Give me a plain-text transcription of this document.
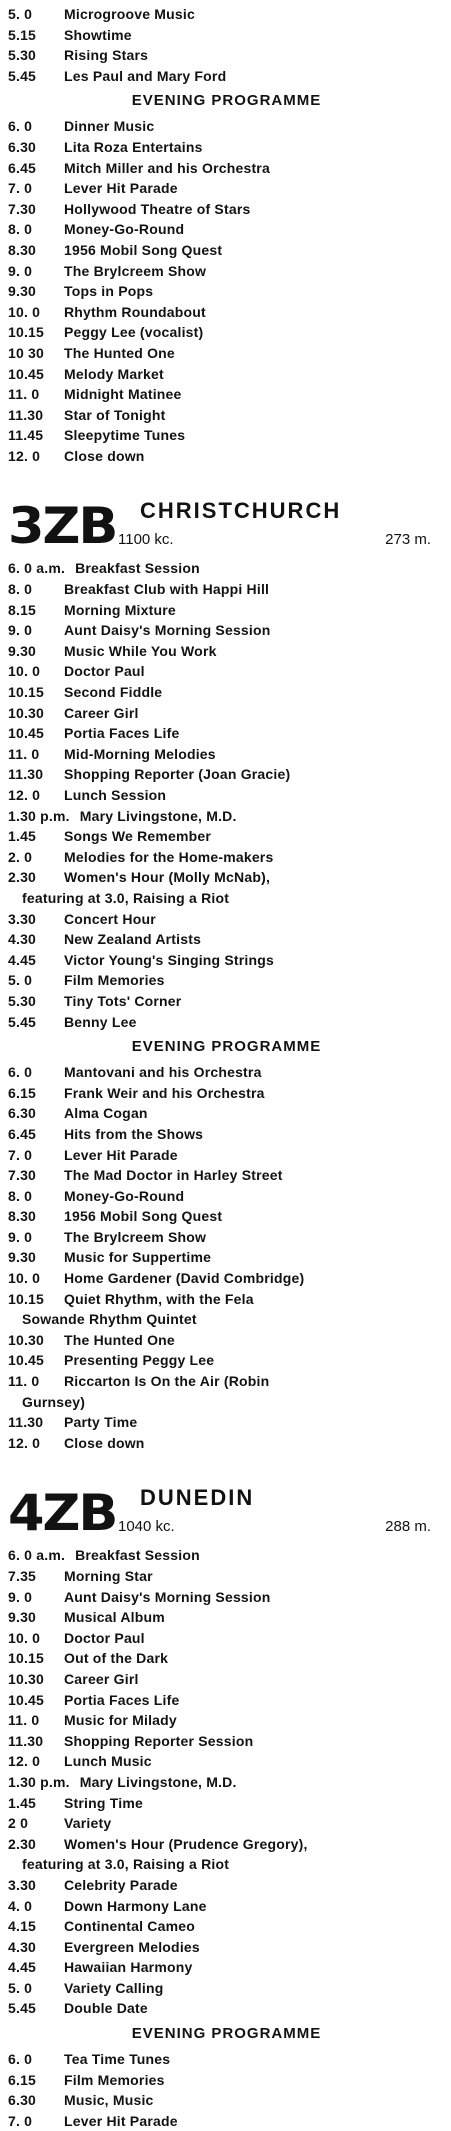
5. 0	Microgroove Music
5.15	Showtime
5.30	Rising Stars
5.45	Les Paul and Mary Ford
EVENING PROGRAMME
6. 0	Dinner Music
6.30	Lita Roza Entertains
6.45	Mitch Miller and his Orchestra
7. 0	Lever Hit Parade
7.30	Hollywood Theatre of Stars
8. 0	Money-Go-Round
8.30	1956 Mobil Song Quest
9. 0	The Brylcreem Show
9.30	Tops in Pops
10. 0	Rhythm Roundabout
10.15	Peggy Lee (vocalist)
10 30	The Hunted One
10.45	Melody Market
11. 0	Midnight Matinee
11.30	Star of Tonight
11.45	Sleepytime Tunes
12. 0	Close down
3ZB CHRISTCHURCH
1100 kc.	273 m.
6. 0 a.m. Breakfast Session
8. 0	Breakfast Club with Happi Hill
8.15	Morning Mixture
9. 0	Aunt Daisy's Morning Session
9.30	Music While You Work
10. 0	Doctor Paul
10.15	Second Fiddle
10.30	Career Girl
10.45	Portia Faces Life
11. 0	Mid-Morning Melodies
11.30	Shopping Reporter (Joan Gracie)
12. 0	Lunch Session
1.30 p.m. Mary Livingstone, M.D.
1.45	Songs We Remember
2. 0	Melodies for the Home-makers
2.30	Women's Hour (Molly McNab),
featuring at 3.0, Raising a Riot
3.30	Concert Hour
4.30	New Zealand Artists
4.45	Victor Young's Singing Strings
5. 0	Film Memories
5.30	Tiny Tots' Corner
5.45	Benny Lee
EVENING PROGRAMME
6. 0	Mantovani and his Orchestra
6.15	Frank Weir and his Orchestra
6.30	Alma Cogan
6.45	Hits from the Shows
7. 0	Lever Hit Parade
7.30	The Mad Doctor in Harley Street
8. 0	Money-Go-Round
8.30	1956 Mobil Song Quest
9. 0	The Brylcreem Show
9.30	Music for Suppertime
10. 0	Home Gardener (David Combridge)
10.15	Quiet Rhythm, with the Fela
Sowande Rhythm Quintet
10.30	The Hunted One
10.45	Presenting Peggy Lee
11. 0	Riccarton Is On the Air (Robin
Gurnsey)
11.30	Party Time
12. 0	Close down
4ZB DUNEDIN
1040 kc.	288 m.
6. 0 a.m. Breakfast Session
7.35	Morning Star
9. 0	Aunt Daisy's Morning Session
9.30	Musical Album
10. 0	Doctor Paul
10.15	Out of the Dark
10.30	Career Girl
10.45	Portia Faces Life
11. 0	Music for Milady
11.30	Shopping Reporter Session
12. 0	Lunch Music
1.30 p.m. Mary Livingstone, M.D.
1.45	String Time
2 0	Variety
2.30	Women's Hour (Prudence Gregory),
featuring at 3.0, Raising a Riot
3.30	Celebrity Parade
4. 0	Down Harmony Lane
4.15	Continental Cameo
4.30	Evergreen Melodies
4.45	Hawaiian Harmony
5. 0	Variety Calling
5.45	Double Date
EVENING PROGRAMME
6. 0	Tea Time Tunes
6.15	Film Memories
6.30	Music, Music
7. 0	Lever Hit Parade
